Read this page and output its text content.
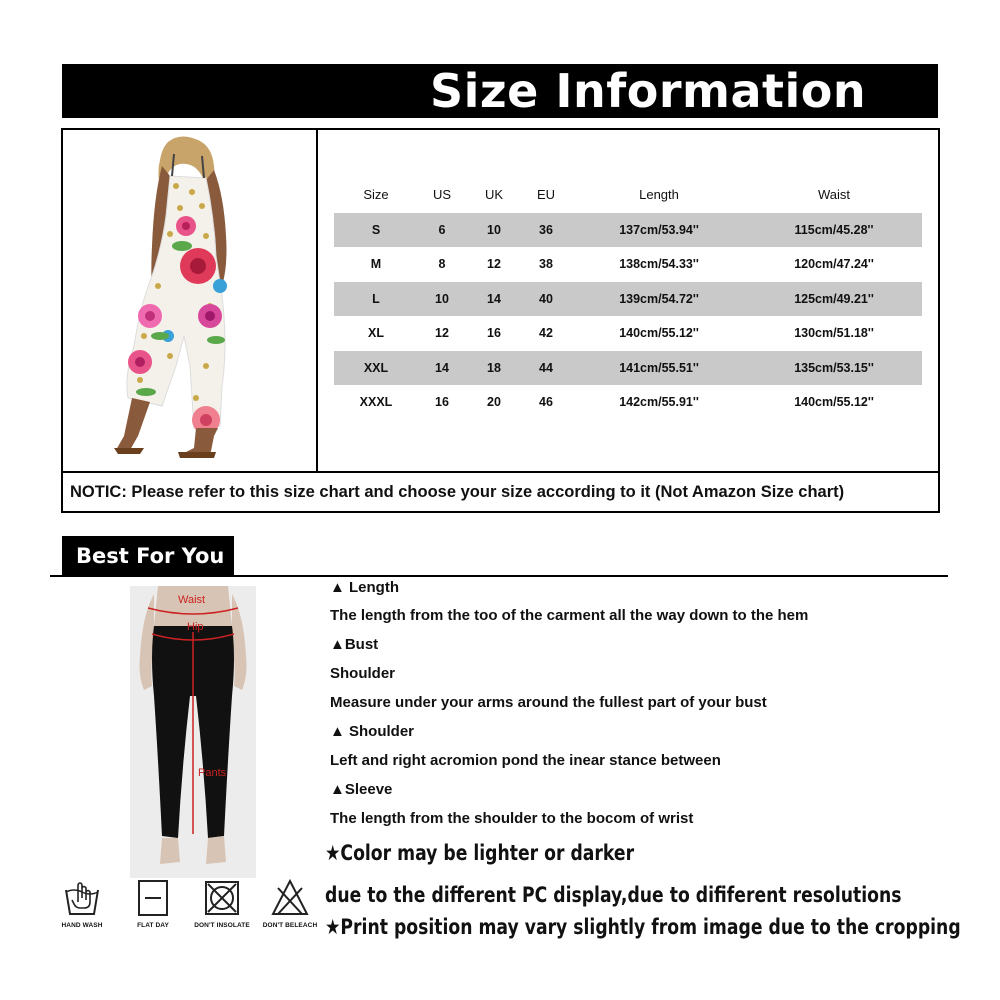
Size Information
Size	US	UK	EU	Length	Waist
S	6	10	36	137cm/53.94''	115cm/45.28''
M	8	12	38	138cm/54.33''	120cm/47.24''
L	10	14	40	139cm/54.72''	125cm/49.21''
XL	12	16	42	140cm/55.12''	130cm/51.18''
XXL	14	18	44	141cm/55.51''	135cm/53.15''
XXXL	16	20	46	142cm/55.91''	140cm/55.12''
NOTIC: Please refer to this size chart and choose your size according to it (Not Amazon Size chart)
Best For You
Waist
Hip
Pants
▲ Length
The length from the too of the carment all the way down to the hem
▲Bust
Shoulder
Measure under your arms around the fullest part of your bust
▲ Shoulder
Left and right acromion pond the inear stance between
▲Sleeve
The length from the shoulder to the bocom of wrist
★Color may be lighter or darker
due to the different PC display,due to dififerent resolutions
★Print position may vary slightly from image due to the cropping
HAND WASH	FLAT DAY	DON'T INSOLATE	DON'T BELEACH
